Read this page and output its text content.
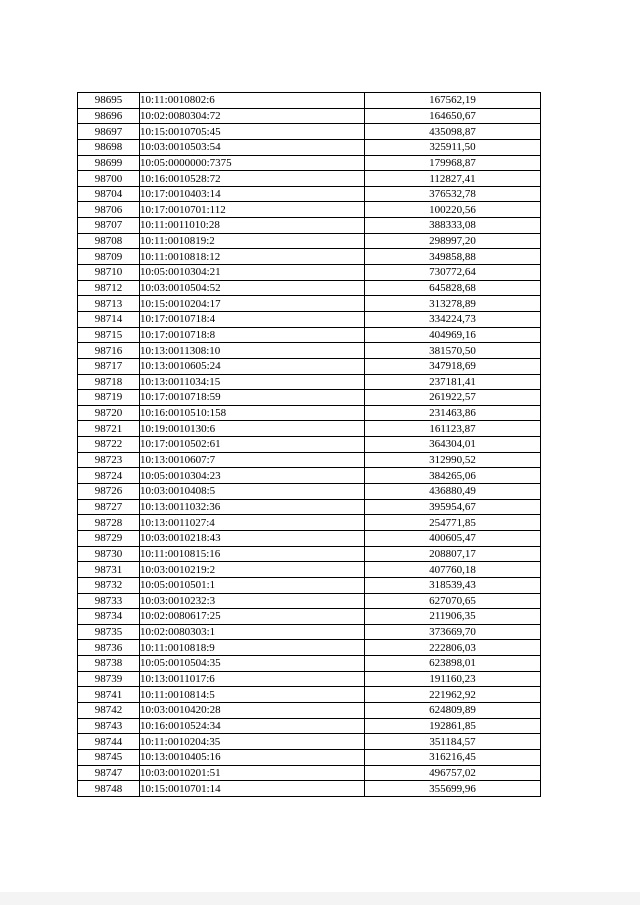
98695	10:11:0010802:6	167562,19
98696	10:02:0080304:72	164650,67
98697	10:15:0010705:45	435098,87
98698	10:03:0010503:54	325911,50
98699	10:05:0000000:7375	179968,87
98700	10:16:0010528:72	112827,41
98704	10:17:0010403:14	376532,78
98706	10:17:0010701:112	100220,56
98707	10:11:0011010:28	388333,08
98708	10:11:0010819:2	298997,20
98709	10:11:0010818:12	349858,88
98710	10:05:0010304:21	730772,64
98712	10:03:0010504:52	645828,68
98713	10:15:0010204:17	313278,89
98714	10:17:0010718:4	334224,73
98715	10:17:0010718:8	404969,16
98716	10:13:0011308:10	381570,50
98717	10:13:0010605:24	347918,69
98718	10:13:0011034:15	237181,41
98719	10:17:0010718:59	261922,57
98720	10:16:0010510:158	231463,86
98721	10:19:0010130:6	161123,87
98722	10:17:0010502:61	364304,01
98723	10:13:0010607:7	312990,52
98724	10:05:0010304:23	384265,06
98726	10:03:0010408:5	436880,49
98727	10:13:0011032:36	395954,67
98728	10:13:0011027:4	254771,85
98729	10:03:0010218:43	400605,47
98730	10:11:0010815:16	208807,17
98731	10:03:0010219:2	407760,18
98732	10:05:0010501:1	318539,43
98733	10:03:0010232:3	627070,65
98734	10:02:0080617:25	211906,35
98735	10:02:0080303:1	373669,70
98736	10:11:0010818:9	222806,03
98738	10:05:0010504:35	623898,01
98739	10:13:0011017:6	191160,23
98741	10:11:0010814:5	221962,92
98742	10:03:0010420:28	624809,89
98743	10:16:0010524:34	192861,85
98744	10:11:0010204:35	351184,57
98745	10:13:0010405:16	316216,45
98747	10:03:0010201:51	496757,02
98748	10:15:0010701:14	355699,96
